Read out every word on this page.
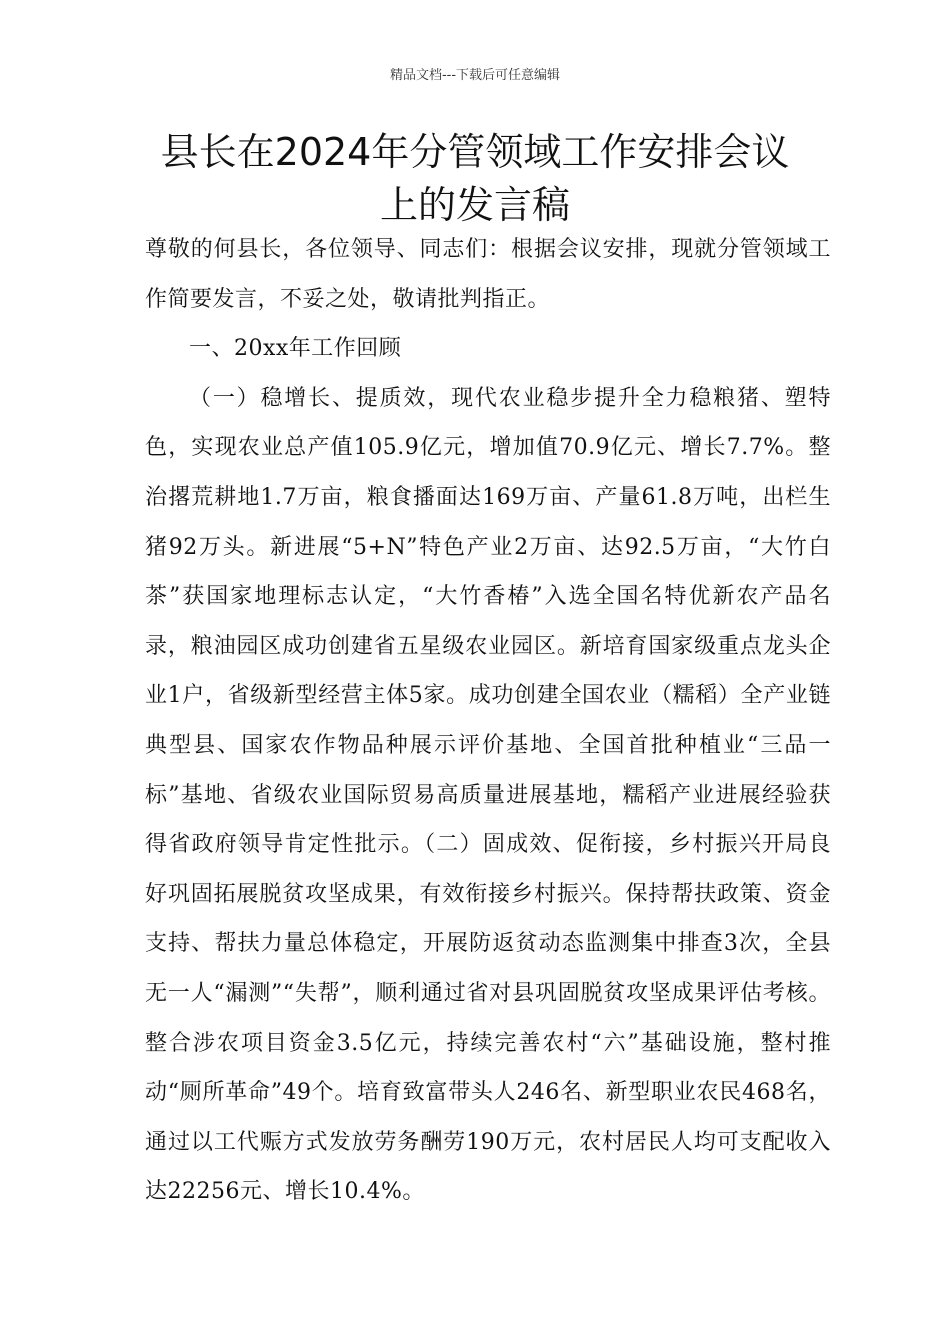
精品文档---下载后可任意编辑
县长在2024年分管领域工作安排会议
上的发言稿

尊敬的何县长，各位领导、同志们：根据会议安排，现就分管领域工作简要发言，不妥之处，敬请批判指正。

一、20xx年工作回顾

（一）稳增长、提质效，现代农业稳步提升全力稳粮猪、塑特色，实现农业总产值105.9亿元，增加值70.9亿元、增长7.7%。整治撂荒耕地1.7万亩，粮食播面达169万亩、产量61.8万吨，出栏生猪92万头。新进展“5+N”特色产业2万亩、达92.5万亩，“大竹白茶”获国家地理标志认定，“大竹香椿”入选全国名特优新农产品名录，粮油园区成功创建省五星级农业园区。新培育国家级重点龙头企业1户，省级新型经营主体5家。成功创建全国农业（糯稻）全产业链典型县、国家农作物品种展示评价基地、全国首批种植业“三品一标”基地、省级农业国际贸易高质量进展基地，糯稻产业进展经验获得省政府领导肯定性批示。（二）固成效、促衔接，乡村振兴开局良好巩固拓展脱贫攻坚成果，有效衔接乡村振兴。保持帮扶政策、资金支持、帮扶力量总体稳定，开展防返贫动态监测集中排查3次，全县无一人“漏测”“失帮”，顺利通过省对县巩固脱贫攻坚成果评估考核。整合涉农项目资金3.5亿元，持续完善农村“六”基础设施，整村推动“厕所革命”49个。培育致富带头人246名、新型职业农民468名，通过以工代赈方式发放劳务酬劳190万元，农村居民人均可支配收入达22256元、增长10.4%。
